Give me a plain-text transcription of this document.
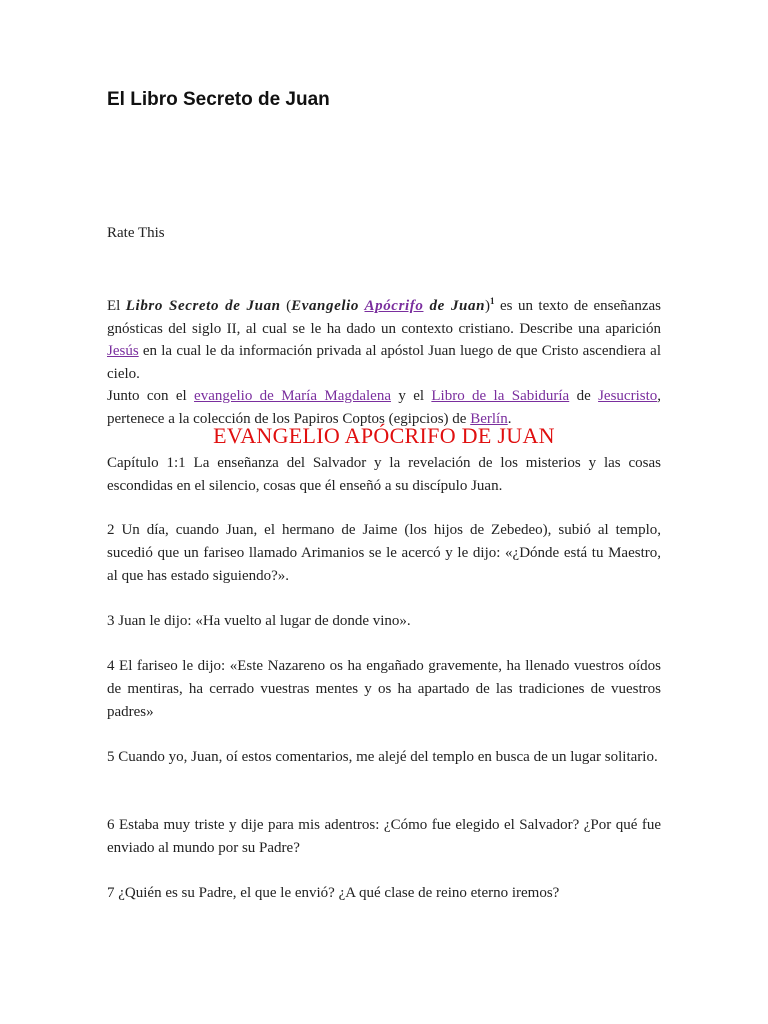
El Libro Secreto de Juan
Rate This

El Libro Secreto de Juan (Evangelio Apócrifo de Juan)$^1$ es un texto de enseñanzas gnósticas del siglo II, al cual se le ha dado un contexto cristiano. Describe una aparición Jesús en la cual le da información privada al apóstol Juan luego de que Cristo ascendiera al cielo.

Junto con el evangelio de María Magdalena y el Libro de la Sabiduría de Jesucristo, pertenece a la colección de los Papiros Coptos (egipcios) de Berlín.

EVANGELIO APÓCRIFO DE JUAN

Capítulo 1:1 La enseñanza del Salvador y la revelación de los misterios y las cosas escondidas en el silencio, cosas que él enseñó a su discípulo Juan.

2 Un día, cuando Juan, el hermano de Jaime (los hijos de Zebedeo), subió al templo, sucedió que un fariseo llamado Arimanios se le acercó y le dijo: «¿Dónde está tu Maestro, al que has estado siguiendo?».

3 Juan le dijo: «Ha vuelto al lugar de donde vino».

4 El fariseo le dijo: «Este Nazareno os ha engañado gravemente, ha llenado vuestros oídos de mentiras, ha cerrado vuestras mentes y os ha apartado de las tradiciones de vuestros padres»

5 Cuando yo, Juan, oí estos comentarios, me alejé del templo en busca de un lugar solitario.

6 Estaba muy triste y dije para mis adentros: ¿Cómo fue elegido el Salvador? ¿Por qué fue enviado al mundo por su Padre?

7 ¿Quién es su Padre, el que le envió? ¿A qué clase de reino eterno iremos?
